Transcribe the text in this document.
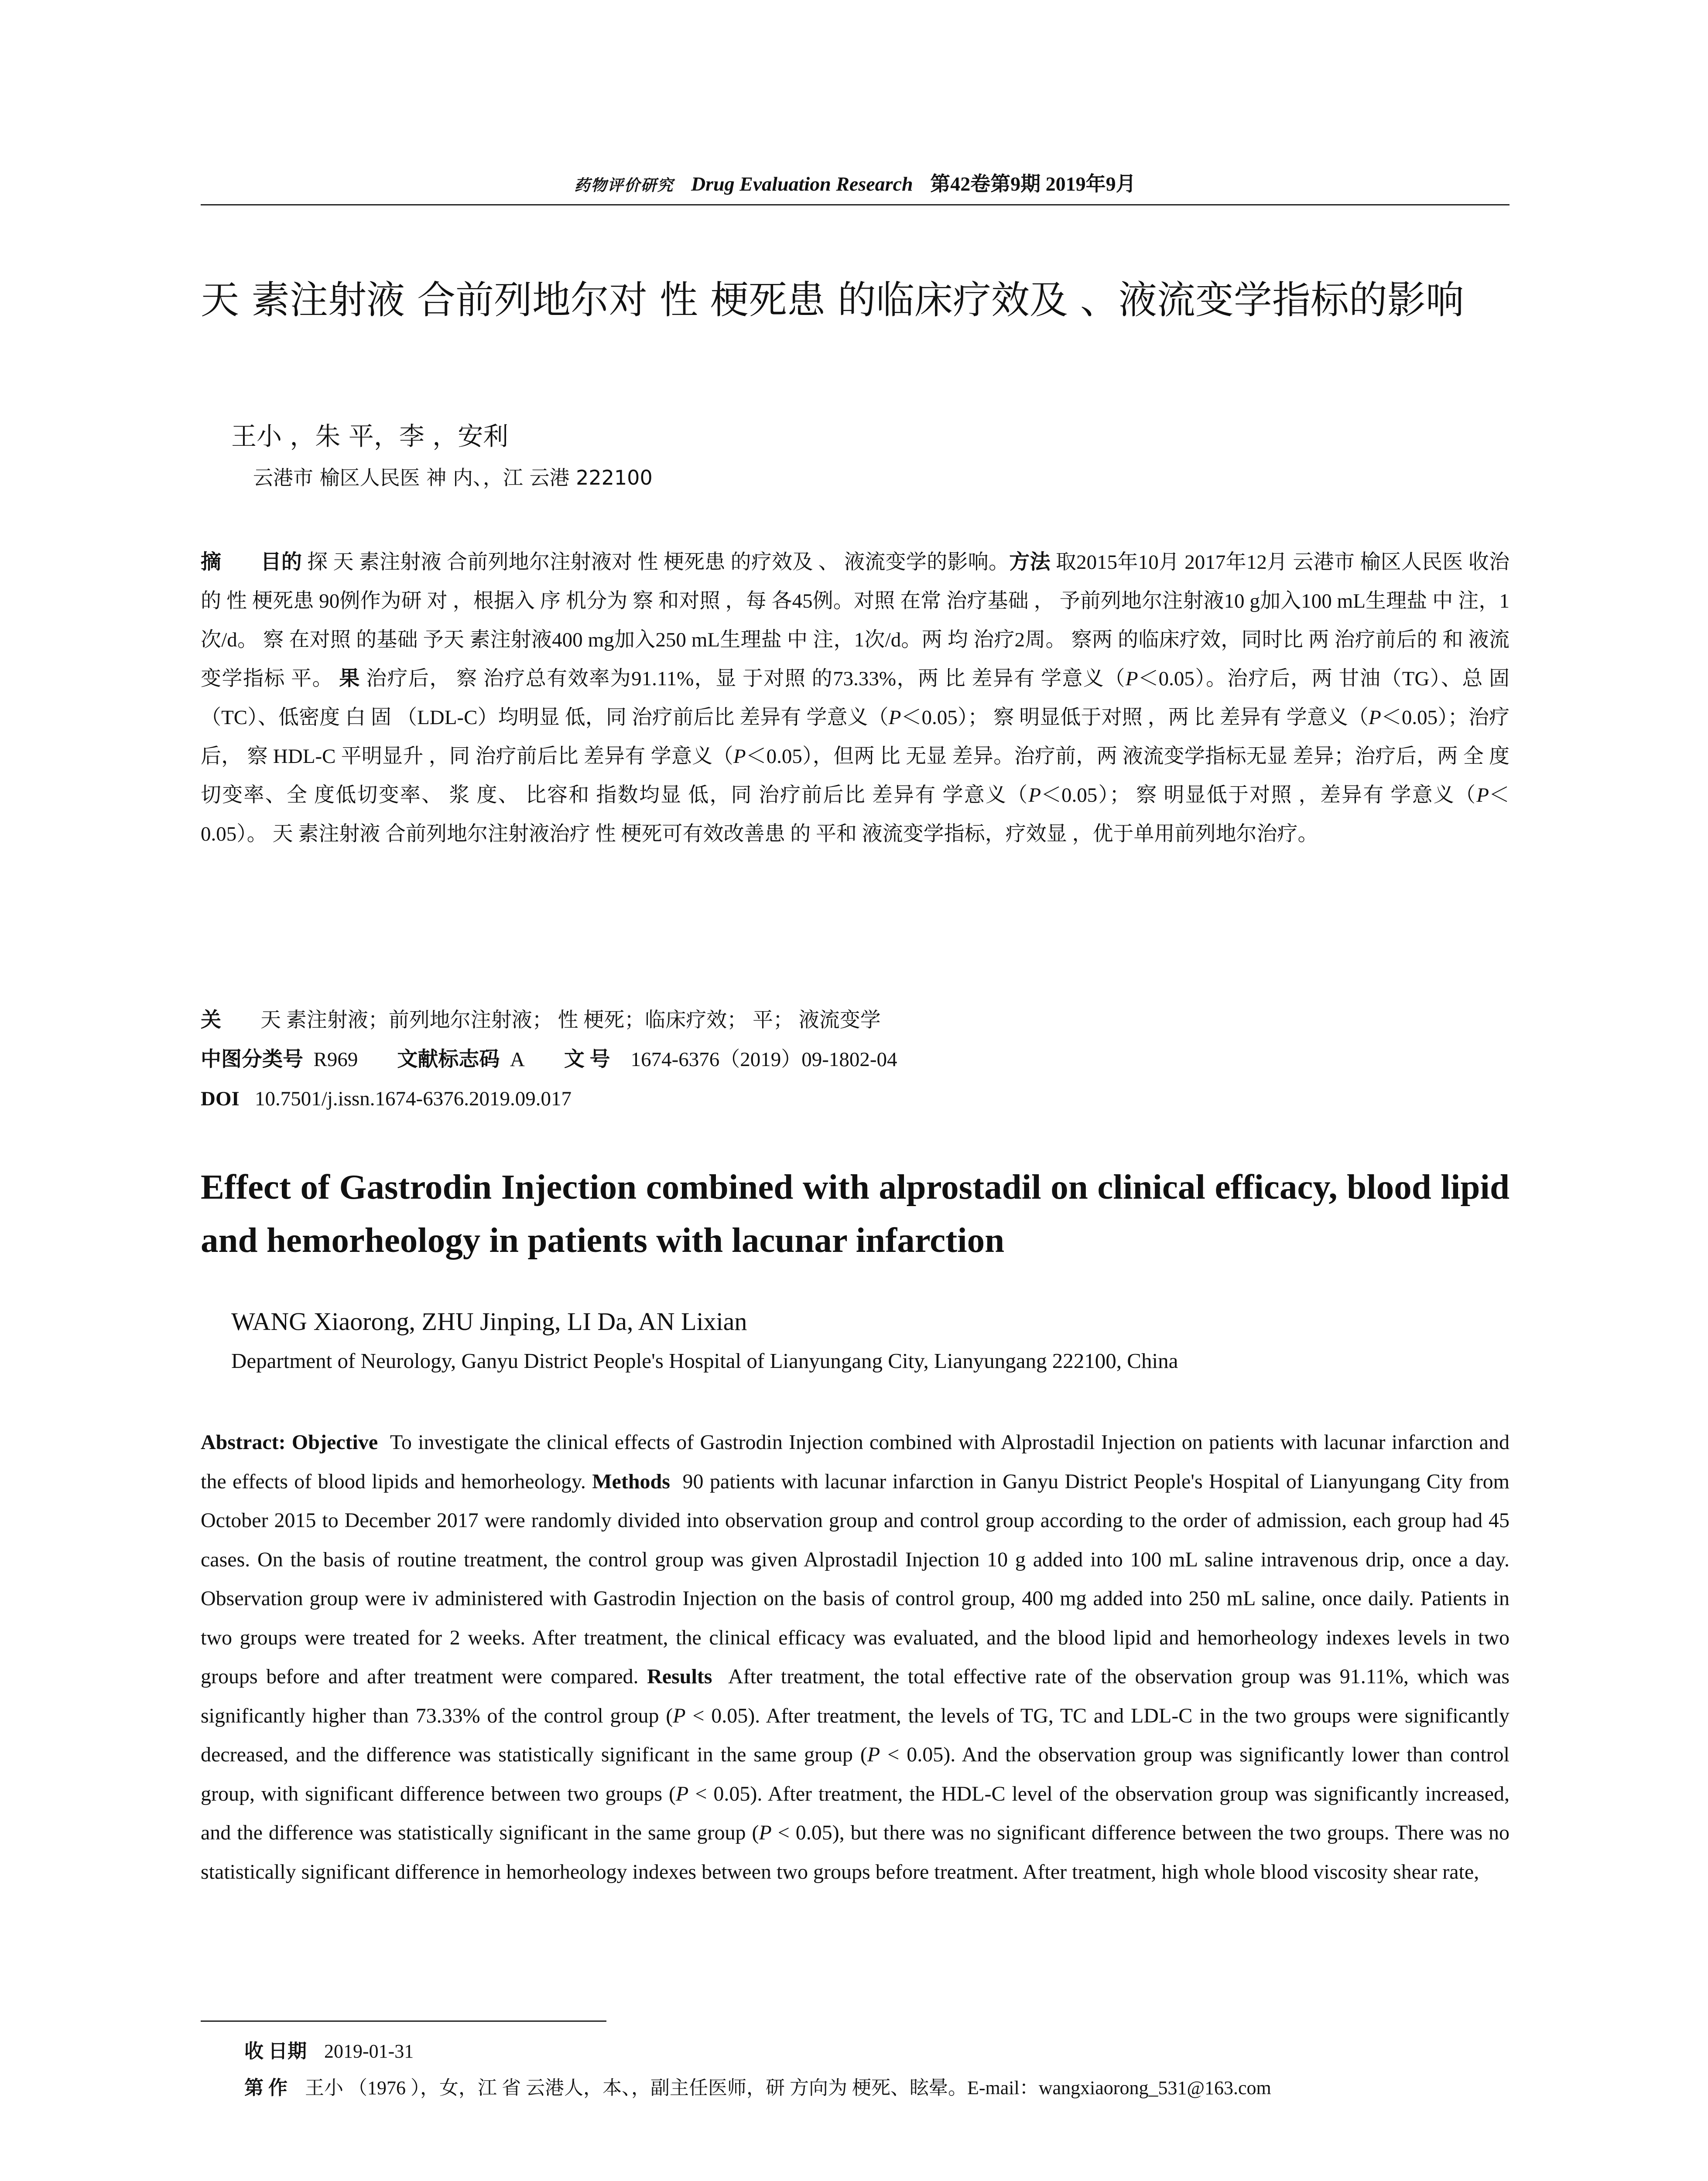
药物评价研究 Drug Evaluation Research 第42卷第9期 2019年9月
天 素注射液 合前列地尔对 性 梗死患 的临床疗效及 、液流变学指标的影响
王小 ，朱 平，李 ，安利
云港市 榆区人民医 神 内、，江 云港 222100
摘 目的 探 天 素注射液 合前列地尔注射液对 性 梗死患 的疗效及 、 液流变学的影响。方法 取2015年10月 2017年12月 云港市 榆区人民医 收治的 性 梗死患 90例作为研 对 ，根据入 序 机分为 察 和对照 ，每 各45例。对照 在常 治疗基础 ， 予前列地尔注射液10 g加入100 mL生理盐 中 注，1次/d。 察 在对照 的基础 予天 素注射液400 mg加入250 mL生理盐 中 注，1次/d。两 均 治疗2周。 察两 的临床疗效，同时比 两 治疗前后的 和 液流变学指标 平。 果 治疗后， 察 治疗总有效率为91.11%，显 于对照 的73.33%，两 比 差异有 学意义（P＜0.05）。治疗后，两 甘油（TG）、总 固 （TC）、低密度 白 固 （LDL-C）均明显 低，同 治疗前后比 差异有 学意义（P＜0.05）； 察 明显低于对照 ，两 比 差异有 学意义（P＜0.05）；治疗后， 察 HDL-C 平明显升 ，同 治疗前后比 差异有 学意义（P＜0.05），但两 比 无显 差异。治疗前，两 液流变学指标无显 差异；治疗后，两 全 度 切变率、全 度低切变率、 浆 度、 比容和 指数均显 低，同 治疗前后比 差异有 学意义（P＜0.05）； 察 明显低于对照 ，差异有 学意义（P＜0.05）。 天 素注射液 合前列地尔注射液治疗 性 梗死可有效改善患 的 平和 液流变学指标，疗效显 ，优于单用前列地尔治疗。
关 天 素注射液；前列地尔注射液； 性 梗死；临床疗效； 平； 液流变学
中图分类号 R969 文献标志码 A 文 号 1674-6376（2019）09-1802-04
DOI 10.7501/j.issn.1674-6376.2019.09.017
Effect of Gastrodin Injection combined with alprostadil on clinical efficacy, blood lipid and hemorheology in patients with lacunar infarction
WANG Xiaorong, ZHU Jinping, LI Da, AN Lixian
Department of Neurology, Ganyu District People's Hospital of Lianyungang City, Lianyungang 222100, China
Abstract: Objective To investigate the clinical effects of Gastrodin Injection combined with Alprostadil Injection on patients with lacunar infarction and the effects of blood lipids and hemorheology. Methods 90 patients with lacunar infarction in Ganyu District People's Hospital of Lianyungang City from October 2015 to December 2017 were randomly divided into observation group and control group according to the order of admission, each group had 45 cases. On the basis of routine treatment, the control group was given Alprostadil Injection 10 g added into 100 mL saline intravenous drip, once a day. Observation group were iv administered with Gastrodin Injection on the basis of control group, 400 mg added into 250 mL saline, once daily. Patients in two groups were treated for 2 weeks. After treatment, the clinical efficacy was evaluated, and the blood lipid and hemorheology indexes levels in two groups before and after treatment were compared. Results After treatment, the total effective rate of the observation group was 91.11%, which was significantly higher than 73.33% of the control group (P < 0.05). After treatment, the levels of TG, TC and LDL-C in the two groups were significantly decreased, and the difference was statistically significant in the same group (P < 0.05). And the observation group was significantly lower than control group, with significant difference between two groups (P < 0.05). After treatment, the HDL-C level of the observation group was significantly increased, and the difference was statistically significant in the same group (P < 0.05), but there was no significant difference between the two groups. There was no statistically significant difference in hemorheology indexes between two groups before treatment. After treatment, high whole blood viscosity shear rate,
收 日期 2019-01-31
第 作 王小 （1976 ），女，江 省 云港人，本、，副主任医师，研 方向为 梗死、眩晕。E-mail：wangxiaorong_531@163.com
